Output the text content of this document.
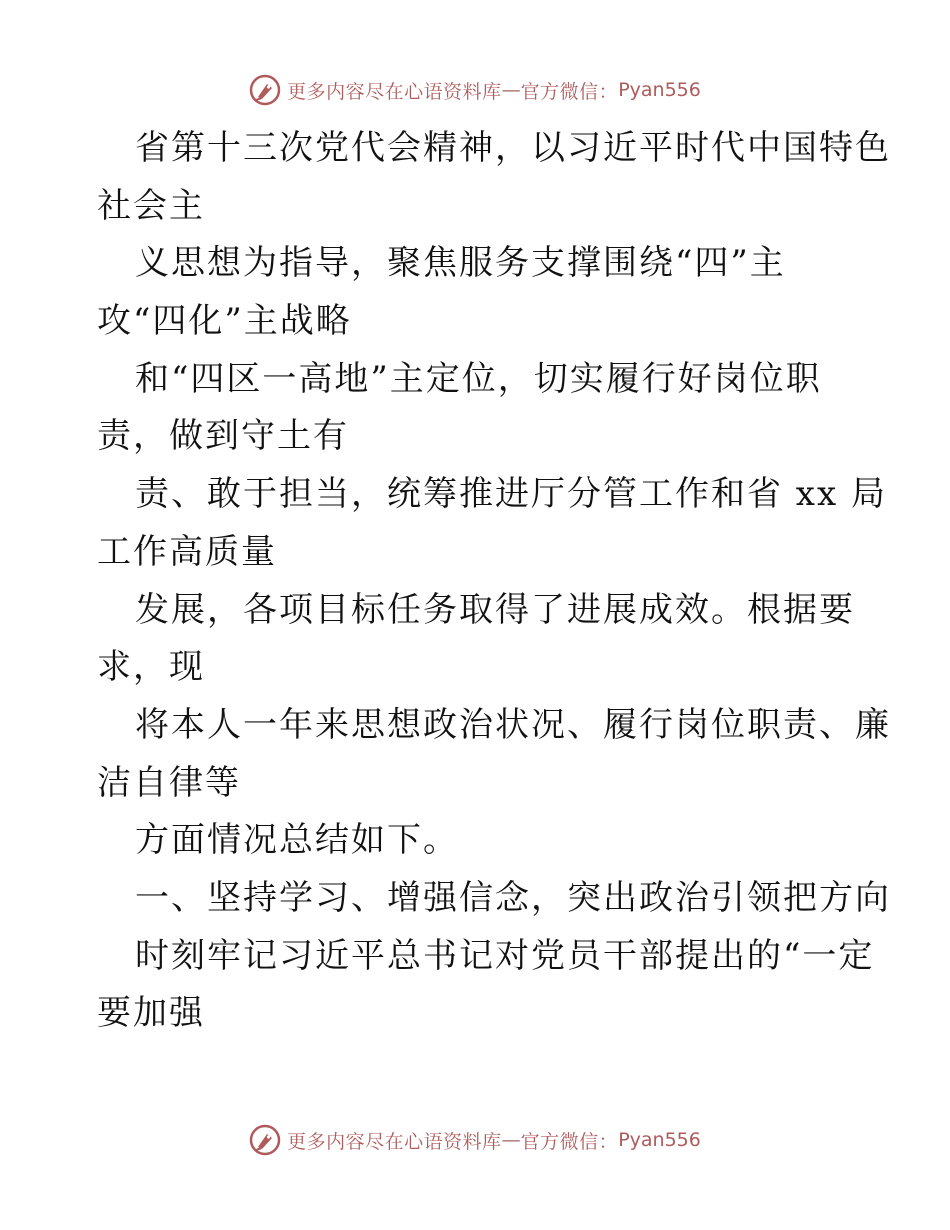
更多内容尽在心语资料库 — 官方微信： Pyan556
省第十三次党代会精神，以习近平时代中国特色
社会主
义思想为指导，聚焦服务支撑围绕“四”主
攻“四化”主战略
和“四区一高地”主定位，切实履行好岗位职
责，做到守土有
责、敢于担当，统筹推进厅分管工作和省 xx 局
工作高质量
发展，各项目标任务取得了进展成效。根据要
求，现
将本人一年来思想政治状况、履行岗位职责、廉
洁自律等
方面情况总结如下。
一、坚持学习、增强信念，突出政治引领把方向
时刻牢记习近平总书记对党员干部提出的“一定
要加强
更多内容尽在心语资料库 — 官方微信： Pyan556
